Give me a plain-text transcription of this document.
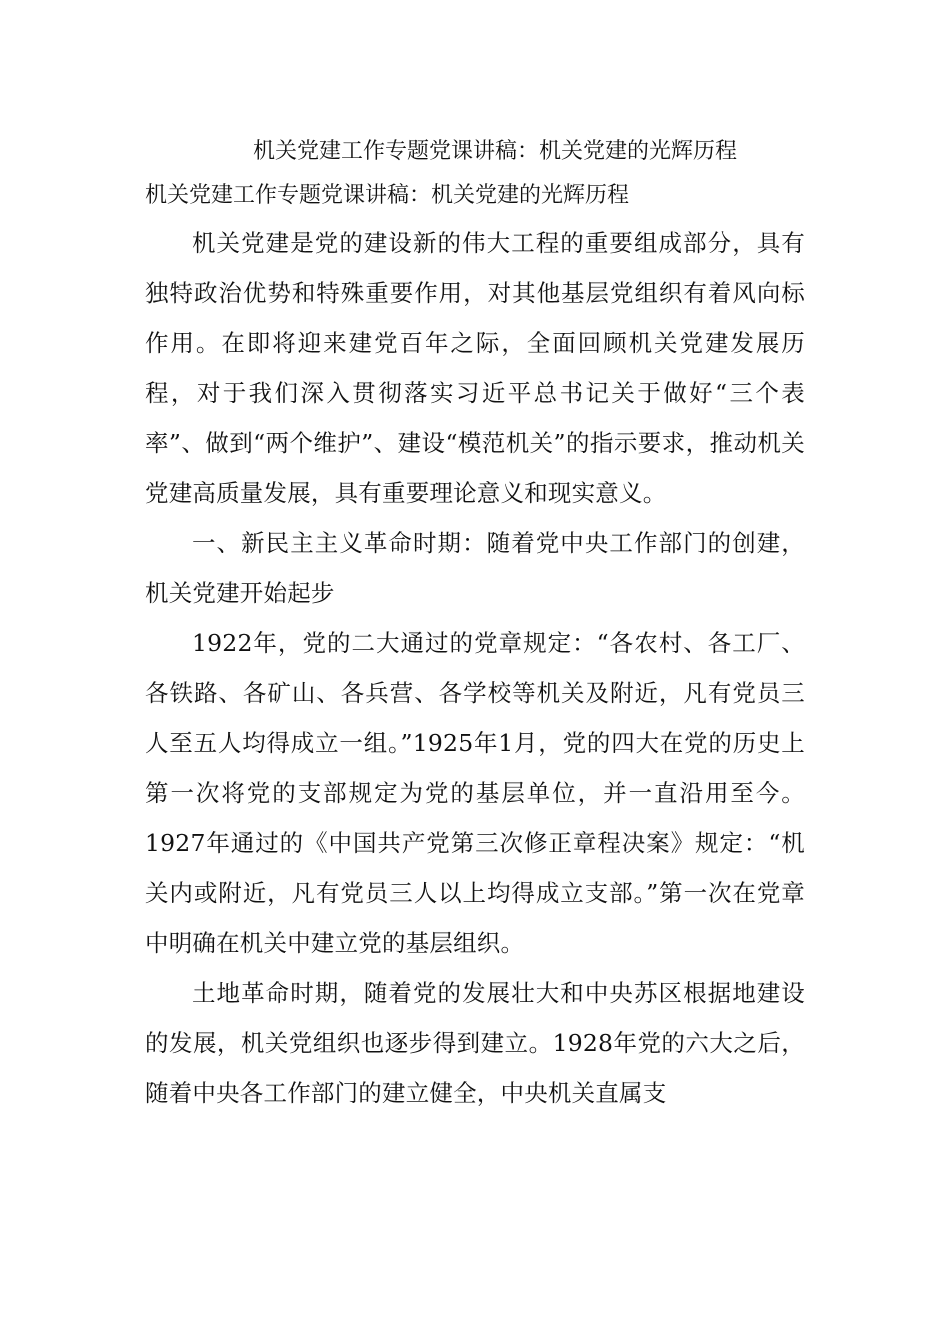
机关党建工作专题党课讲稿：机关党建的光辉历程

机关党建工作专题党课讲稿：机关党建的光辉历程

机关党建是党的建设新的伟大工程的重要组成部分，具有独特政治优势和特殊重要作用，对其他基层党组织有着风向标作用。在即将迎来建党百年之际，全面回顾机关党建发展历程，对于我们深入贯彻落实习近平总书记关于做好“三个表率”、做到“两个维护”、建设“模范机关”的指示要求，推动机关党建高质量发展，具有重要理论意义和现实意义。

一、新民主主义革命时期：随着党中央工作部门的创建，机关党建开始起步

1922年，党的二大通过的党章规定：“各农村、各工厂、各铁路、各矿山、各兵营、各学校等机关及附近，凡有党员三人至五人均得成立一组。”1925年1月，党的四大在党的历史上第一次将党的支部规定为党的基层单位，并一直沿用至今。1927年通过的《中国共产党第三次修正章程决案》规定：“机关内或附近，凡有党员三人以上均得成立支部。”第一次在党章中明确在机关中建立党的基层组织。

土地革命时期，随着党的发展壮大和中央苏区根据地建设的发展，机关党组织也逐步得到建立。1928年党的六大之后，随着中央各工作部门的建立健全，中央机关直属支
